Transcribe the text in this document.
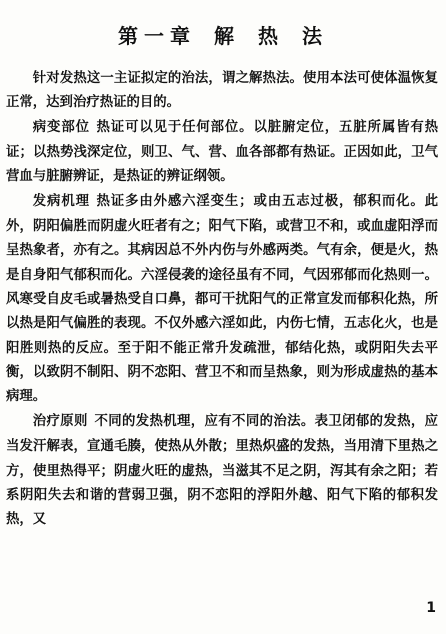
第一章 解 热 法

针对发热这一主证拟定的治法，谓之解热法。使用本法可使体温恢复正常，达到治疗热证的目的。

病变部位 热证可以见于任何部位。以脏腑定位，五脏所属皆有热证；以热势浅深定位，则卫、气、营、血各部都有热证。正因如此，卫气营血与脏腑辨证，是热证的辨证纲领。

发病机理 热证多由外感六淫变生；或由五志过极，郁积而化。此外，阴阳偏胜而阴虚火旺者有之；阳气下陷，或营卫不和，或血虚阳浮而呈热象者，亦有之。其病因总不外内伤与外感两类。气有余，便是火，热是自身阳气郁积而化。六淫侵袭的途径虽有不同，气因邪郁而化热则一。风寒受自皮毛或暑热受自口鼻，都可干扰阳气的正常宣发而郁积化热，所以热是阳气偏胜的表现。不仅外感六淫如此，内伤七情，五志化火，也是阳胜则热的反应。至于阳不能正常升发疏泄，郁结化热，或阴阳失去平衡，以致阴不制阳、阴不恋阳、营卫不和而呈热象，则为形成虚热的基本病理。

治疗原则 不同的发热机理，应有不同的治法。表卫闭郁的发热，应当发汗解表，宣通毛腠，使热从外散；里热炽盛的发热，当用清下里热之方，使里热得平；阴虚火旺的虚热，当滋其不足之阴，泻其有余之阳；若系阴阳失去和谐的营弱卫强，阴不恋阳的浮阳外越、阳气下陷的郁积发热，又

1
